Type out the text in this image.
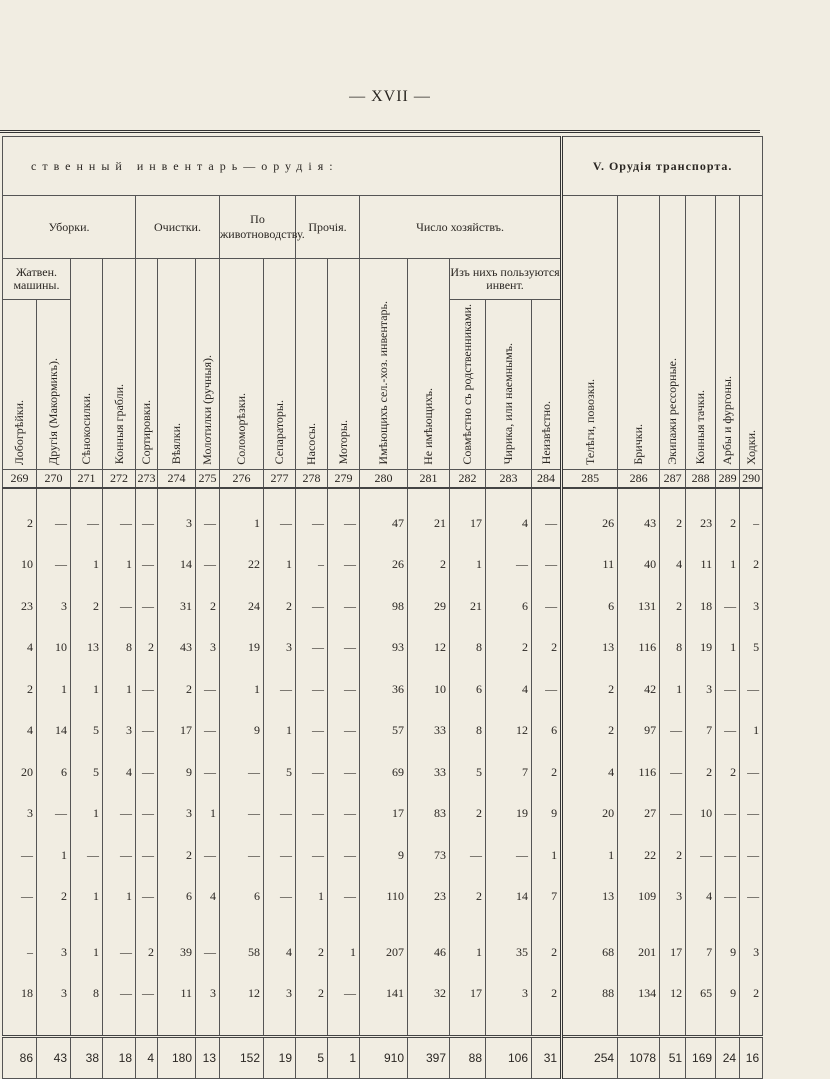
— XVII —
ственный инвентарь—орудія:																V. Орудія транспорта.					
Уборки.				Очистки.			По животноводству.		Прочія.		Число хозяйствъ.					Телѣги, повозки.	Брички.	Экипажи рессорные.	Конныя тачки.	Арбы и фургоны.	Ходки.

Жатвен. машины.		Сѣнокосилки.	Конныя грабли.	Сортировки.	Вѣялки.	Молотилки (ручныя).	Соломорѣзки.	Сепараторы.	Насосы.	Моторы.	Имѣющихъ сел.-хоз. инвентарь.	Не имѣющихъ.	Изъ нихъ пользуются инвент.								

Лобогрѣйки.	Другія (Макормикъ).												Совмѣстно съ родственниками.	Чирика, или наемнымъ.	Неизвѣстно.						

269	270	271	272	273	274	275	276	277	278	279	280	281	282	283	284	285	286	287	288	289	290

2	—	—	—	—	3	—	1	—	—	—	47	21	17	4	—	26	43	2	23	2	–
10	—	1	1	—	14	—	22	1	–	—	26	2	1	—	—	11	40	4	11	1	2
23	3	2	—	—	31	2	24	2	—	—	98	29	21	6	—	6	131	2	18	—	3
4	10	13	8	2	43	3	19	3	—	—	93	12	8	2	2	13	116	8	19	1	5
2	1	1	1	—	2	—	1	—	—	—	36	10	6	4	—	2	42	1	3	—	—
4	14	5	3	—	17	—	9	1	—	—	57	33	8	12	6	2	97	—	7	—	1
20	6	5	4	—	9	—	—	5	—	—	69	33	5	7	2	4	116	—	2	2	—
3	—	1	—	—	3	1	—	—	—	—	17	83	2	19	9	20	27	—	10	—	—
—	1	—	—	—	2	—	—	—	—	—	9	73	—	—	1	1	22	2	—	—	—
—	2	1	1	—	6	4	6	—	1	—	110	23	2	14	7	13	109	3	4	—	—

–	3	1	—	2	39	—	58	4	2	1	207	46	1	35	2	68	201	17	7	9	3
18	3	8	—	—	11	3	12	3	2	—	141	32	17	3	2	88	134	12	65	9	2

86	43	38	18	4	180	13	152	19	5	1	910	397	88	106	31	254	1078	51	169	24	16
